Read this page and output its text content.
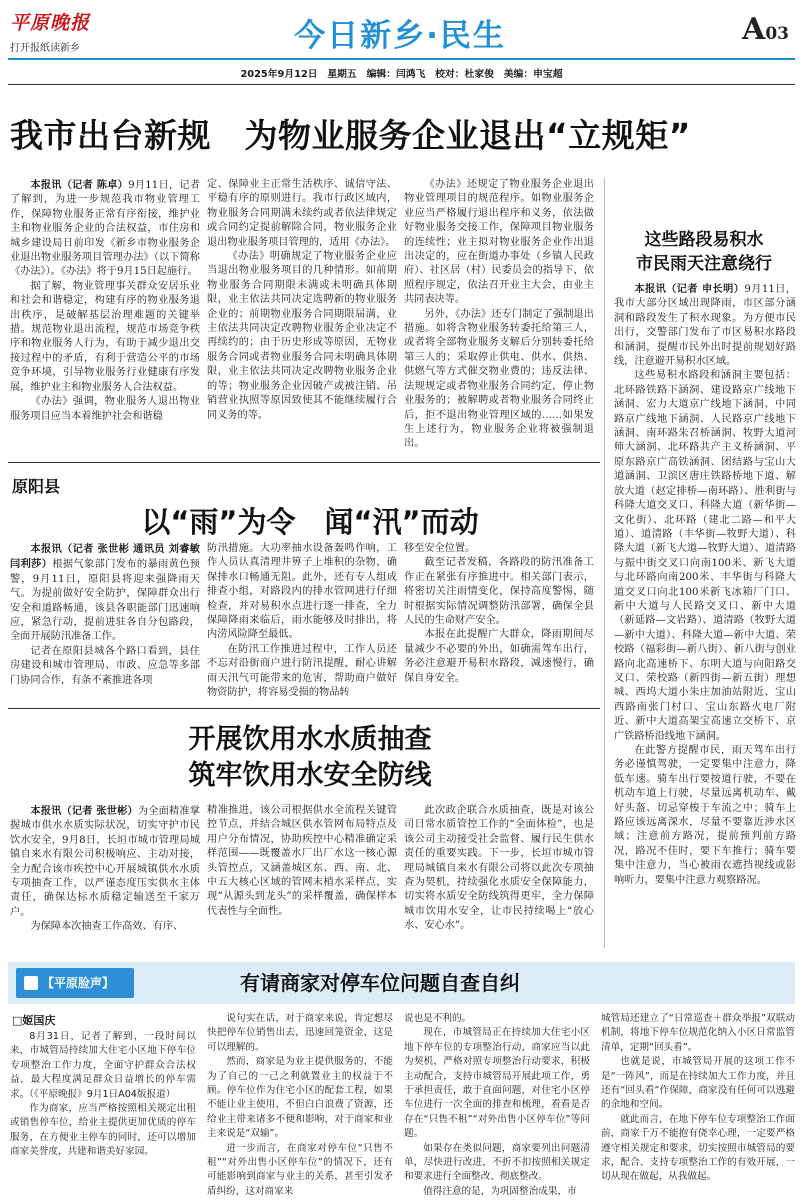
平原晚报
打开报纸读新乡	今日新乡·民生	A03
2025年9月12日　星期五　编辑：闫鸿飞　校对：杜家俊　美编：申宝超
我市出台新规　为物业服务企业退出“立规矩”

本报讯（记者 陈卓）9月11日，记者了解到，为进一步规范我市物业管理工作，保障物业服务正常有序衔接，维护业主和物业服务企业的合法权益，市住房和城乡建设局日前印发《新乡市物业服务企业退出物业服务项目管理办法》（以下简称《办法》）。《办法》将于9月15日起施行。

据了解，物业管理事关群众安居乐业和社会和谐稳定，构建有序的物业服务退出秩序，是破解基层治理难题的关键举措。规范物业退出流程，规范市场竞争秩序和物业服务人行为，有助于减少退出交接过程中的矛盾，有利于营造公平的市场竞争环境，引导物业服务行业健康有序发展，维护业主和物业服务人合法权益。

《办法》强调，物业服务人退出物业服务项目应当本着维护社会和谐稳

定、保障业主正常生活秩序、诚信守法、平稳有序的原则进行。我市行政区域内，物业服务合同期满未续约或者依法律规定或合同约定提前解除合同，物业服务企业退出物业服务项目管理的，适用《办法》。

《办法》明确规定了物业服务企业应当退出物业服务项目的几种情形。如前期物业服务合同期限未满或未明确具体期限，业主依法共同决定选聘新的物业服务企业的；前期物业服务合同期限届满，业主依法共同决定改聘物业服务企业决定不再续约的；由于历史形成等原因，无物业服务合同或者物业服务合同未明确具体期限，业主依法共同决定改聘物业服务企业的等；物业服务企业因破产或被注销、吊销营业执照等原因致使其不能继续履行合同义务的等。

《办法》还规定了物业服务企业退出物业管理项目的规范程序。如物业服务企业应当严格履行退出程序和义务，依法做好物业服务交接工作，保障项目物业服务的连续性；业主拟对物业服务企业作出退出决定的，应在街道办事处（乡镇人民政府）、社区居（村）民委员会的指导下，依照程序规定，依法召开业主大会，由业主共同表决等。

另外，《办法》还专门制定了强制退出措施。如将含物业服务转委托给第三人，或者将全部物业服务支解后分别转委托给第三人的；采取停止供电、供水、供热、供燃气等方式催交物业费的；违反法律、法规规定或者物业服务合同约定，停止物业服务的；被解聘或者物业服务合同终止后，拒不退出物业管理区域的……如果发生上述行为，物业服务企业将被强制退出。

这些路段易积水
市民雨天注意绕行

本报讯（记者 申长明）9月11日，我市大部分区域出现降雨，市区部分涵洞和路段发生了积水现象。为方便市民出行，交警部门发布了市区易积水路段和涵洞，提醒市民外出时提前规划好路线，注意避开易积水区域。

这些易积水路段和涵洞主要包括：北环路铁路下涵洞、建设路京广线地下涵洞、宏力大道京广线地下涵洞、中同路京广线地下涵洞、人民路京广线地下涵洞、南环路朱召桥涵洞、牧野大道河师大涵洞、北环路共产主义桥涵洞、平原东路京广高铁涵洞、团结路与宝山大道涵洞、卫滨区唐庄铁路桥地下道、解放大道（赵定排桥—南环路）、胜利街与科隆大道交叉口、科隆大道（新华街—文化街）、北环路（建北二路—和平大道）、道清路（丰华街—牧野大道）、科隆大道（新飞大道—牧野大道）、道清路与振中街交叉口向南100米、新飞大道与北环路向南200米、丰华街与科隆大道交叉口向北100米新飞冰箱厂门口、新中大道与人民路交叉口、新中大道（新延路—文岩路）、道清路（牧野大道—新中大道）、科隆大道—新中大道、荣校路（福彩街—新八街）、新八街与创业路向北高速桥下、东明大道与向阳路交叉口、荣校路（新四街—新五街）理想城、西坞大道小朱庄加油站附近、宝山西路南张门村口、宝山东路火电厂附近、新中大道高架宝高速立交桥下、京广铁路桥沿线地下涵洞。

在此警方提醒市民，雨天驾车出行务必谨慎驾驶，一定要集中注意力，降低车速。骑车出行要按道行驶，不要在机动车道上行驶，尽量远离机动车、戴好头盔、切忌穿梭于车流之中；骑车上路应该远离深水，尽量不要靠近涉水区域；注意前方路况，提前预判前方路况，路况不佳时，要下车推行；骑车要集中注意力，当心被雨衣遮挡视线或影响听力，要集中注意力观察路况。

原阳县
以“雨”为令　闻“汛”而动

本报讯（记者 张世彬 通讯员 刘睿敏 闫利莎）根据气象部门发布的暴雨黄色预警，9月11日，原阳县将迎来强降雨天气。为提前做好安全防护，保障群众出行安全和道路畅通，该县各职能部门迅速响应，紧急行动，提前进驻各自分包路段，全面开展防汛准备工作。

记者在原阳县城各个路口看到，县住房建设和城市管理局、市政、应急等多部门协同合作，有条不紊推进各项

防汛措施。大功率抽水设备轰鸣作响，工作人员认真清理井箅子上堆积的杂物，确保排水口畅通无阻。此外，还有专人组成排查小组，对路段内的排水管网进行仔细检查，并对易积水点进行逐一排查，全力保障降雨来临后，雨水能够及时排出，将内涝风险降至最低。

在防汛工作推进过程中，工作人员还不忘对沿街商户进行防汛提醒，耐心讲解雨天汛气可能带来的危害，帮助商户做好物资防护，将容易受损的物品转

移至安全位置。

截至记者发稿，各路段的防汛准备工作正在紧张有序推进中。相关部门表示，将密切关注雨情变化，保持高度警惕，随时根据实际情况调整防汛部署，确保全县人民的生命财产安全。

本报在此提醒广大群众，降雨期间尽量减少不必要的外出，如确需驾车出行，务必注意避开易积水路段，减速慢行，确保自身安全。

开展饮用水水质抽查
筑牢饮用水安全防线

本报讯（记者 张世彬）为全面精准掌握城市供水水质实际状况，切实守护市民饮水安全，9月8日，长垣市城市管理局城镇自来水有限公司积极响应、主动对接，全力配合该市疾控中心开展城镇供水水质专项抽查工作，以严谨态度压实供水主体责任，确保达标水质稳定输送至千家万户。

为保障本次抽查工作高效、有序、

精准推进，该公司根据供水全流程关键管控节点，并结合城区供水管网布局特点及用户分布情况，协助疾控中心精准确定采样范围——既覆盖水厂出厂水这一核心源头管控点，又涵盖城区东、西、南、北、中五大核心区域的管网末梢水采样点，实现“从源头到龙头”的采样覆盖，确保样本代表性与全面性。

此次政企联合水质抽查，既是对该公司日常水质管控工作的“全面体检”，也是该公司主动接受社会监督、履行民生供水责任的重要实践。下一步，长垣市城市管理局城镇自来水有限公司将以此次专项抽查为契机，持续强化水质安全保障能力，切实将水质安全防线筑得更牢，全力保障城市饮用水安全，让市民持续喝上“放心水、安心水”。

【平原脸声】	有请商家对停车位问题自查自纠
□姬国庆

8月31日，记者了解到，一段时间以来，市城管局持续加大住宅小区地下停车位专项整治工作力度，全面守护群众合法权益，最大程度满足群众日益增长的停车需求。（《平原晚报》9月1日A04版报道）

作为商家，应当严格按照相关规定出租或销售停车位，给业主提供更加优质的停车服务，在方便业主停车的同时，还可以增加商家美誉度，共建和谐美好家园。

说句实在话，对于商家来说，肯定想尽快把停车位销售出去，迅速回笼资金，这是可以理解的。

然而，商家是为业主提供服务的，不能为了自己的一己之利就置业主的权益于不顾。停车位作为住宅小区的配套工程，如果不能让业主使用，不但白白浪费了资源，还给业主带来诸多不便和影响，对于商家和业主来说是“双输”。

进一步而言，在商家对停车位“只售不租”“对外出售小区停车位”的情况下，还有可能影响到商家与业主的关系，甚至引发矛盾纠纷，这对商家来

说也是不利的。

现在，市城管局正在持续加大住宅小区地下停车位的专项整治行动，商家应当以此为契机，严格对照专项整治行动要求，积极主动配合，支持市城管局开展此项工作，勇于承担责任，敢于直面问题，对住宅小区停车位进行一次全面的排查和梳理，看看是否存在“只售不租”“对外出售小区停车位”等问题。

如果存在类似问题，商家要列出问题清单，尽快进行改进，不折不扣按照相关规定和要求进行全面整改、彻底整改。

值得注意的是，为巩固整治成果，市

城管局还建立了“日常巡查＋群众举报”双联动机制，将地下停车位规范化纳入小区日常监管清单，定期“回头看”。

也就是说，市城管局开展的这项工作不是“一阵风”，而是在持续加大工作力度，并且还有“回头看”作保障，商家没有任何可以逃避的余地和空间。

就此而言，在地下停车位专项整治工作面前，商家千万不能抱有侥幸心理，一定要严格遵守相关规定和要求，切实按照市城管局的要求，配合、支持专项整治工作的有效开展，一切从现在做起，从我做起。
